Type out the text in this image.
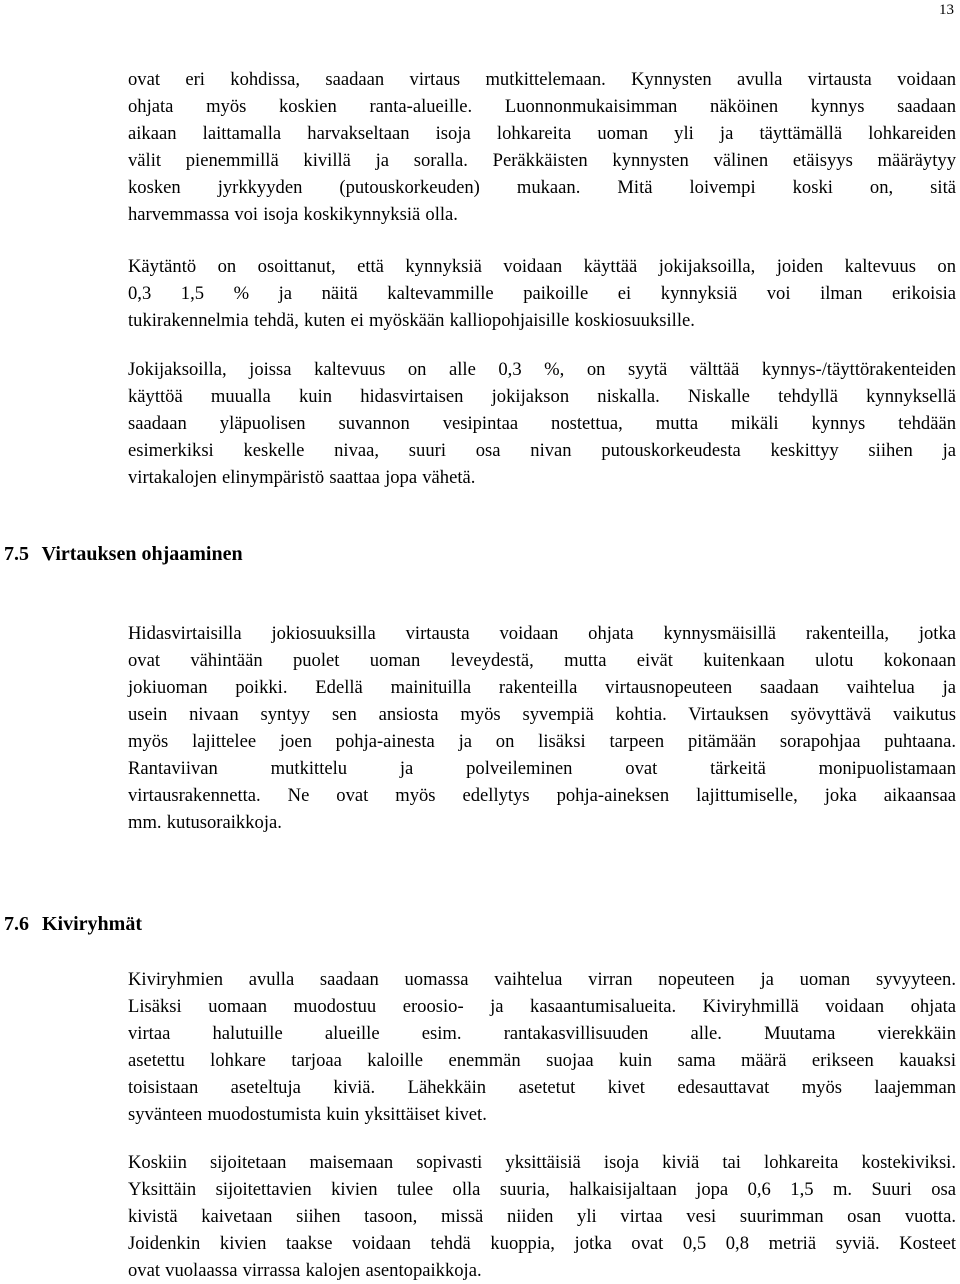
13

ovat eri kohdissa, saadaan virtaus mutkittelemaan. Kynnysten avulla virtausta voidaan
ohjata myös koskien ranta-alueille. Luonnonmukaisimman näköinen kynnys saadaan
aikaan laittamalla harvakseltaan isoja lohkareita uoman yli ja täyttämällä lohkareiden
välit pienemmillä kivillä ja soralla. Peräkkäisten kynnysten välinen etäisyys määräytyy
kosken jyrkkyyden (putouskorkeuden) mukaan. Mitä loivempi koski on, sitä
harvemmassa voi isoja koskikynnyksiä olla.

Käytäntö on osoittanut, että kynnyksiä voidaan käyttää jokijaksoilla, joiden kaltevuus on
0,3 1,5 % ja näitä kaltevammille paikoille ei kynnyksiä voi ilman erikoisia
tukirakennelmia tehdä, kuten ei myöskään kalliopohjaisille koskiosuuksille.

Jokijaksoilla, joissa kaltevuus on alle 0,3 %, on syytä välttää kynnys-/täyttörakenteiden
käyttöä muualla kuin hidasvirtaisen jokijakson niskalla. Niskalle tehdyllä kynnyksellä
saadaan yläpuolisen suvannon vesipintaa nostettua, mutta mikäli kynnys tehdään
esimerkiksi keskelle nivaa, suuri osa nivan putouskorkeudesta keskittyy siihen ja
virtakalojen elinympäristö saattaa jopa vähetä.

7.5 Virtauksen ohjaaminen

Hidasvirtaisilla jokiosuuksilla virtausta voidaan ohjata kynnysmäisillä rakenteilla, jotka
ovat vähintään puolet uoman leveydestä, mutta eivät kuitenkaan ulotu kokonaan
jokiuoman poikki. Edellä mainituilla rakenteilla virtausnopeuteen saadaan vaihtelua ja
usein nivaan syntyy sen ansiosta myös syvempiä kohtia. Virtauksen syövyttävä vaikutus
myös lajittelee joen pohja-ainesta ja on lisäksi tarpeen pitämään sorapohjaa puhtaana.
Rantaviivan mutkittelu ja polveileminen ovat tärkeitä monipuolistamaan
virtausrakennetta. Ne ovat myös edellytys pohja-aineksen lajittumiselle, joka aikaansaa
mm. kutusoraikkoja.

7.6 Kiviryhmät

Kiviryhmien avulla saadaan uomassa vaihtelua virran nopeuteen ja uoman syvyyteen.
Lisäksi uomaan muodostuu eroosio- ja kasaantumisalueita. Kiviryhmillä voidaan ohjata
virtaa halutuille alueille esim. rantakasvillisuuden alle. Muutama vierekkäin
asetettu lohkare tarjoaa kaloille enemmän suojaa kuin sama määrä erikseen kauaksi
toisistaan aseteltuja kiviä. Lähekkäin asetetut kivet edesauttavat myös laajemman
syvänteen muodostumista kuin yksittäiset kivet.

Koskiin sijoitetaan maisemaan sopivasti yksittäisiä isoja kiviä tai lohkareita kostekiviksi.
Yksittäin sijoitettavien kivien tulee olla suuria, halkaisijaltaan jopa 0,6 1,5 m. Suuri osa
kivistä kaivetaan siihen tasoon, missä niiden yli virtaa vesi suurimman osan vuotta.
Joidenkin kivien taakse voidaan tehdä kuoppia, jotka ovat 0,5 0,8 metriä syviä. Kosteet
ovat vuolaassa virrassa kalojen asentopaikkoja.
